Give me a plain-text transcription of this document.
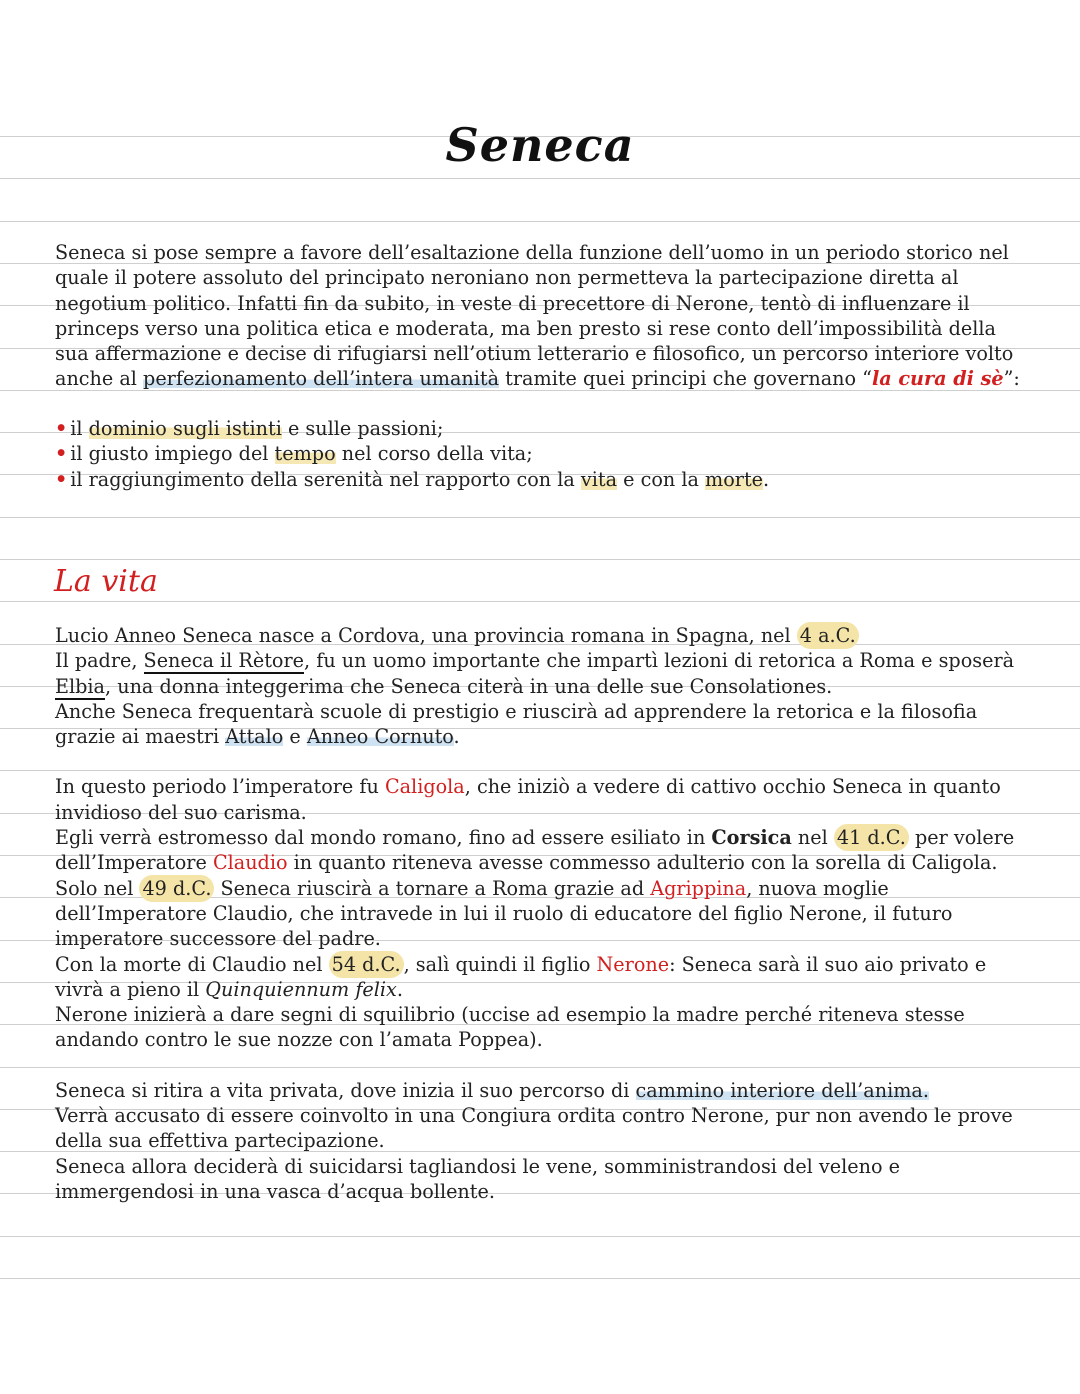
Seneca
Seneca si pose sempre a favore dell’esaltazione della funzione dell’uomo in un periodo storico nel quale il potere assoluto del principato neroniano non permetteva la partecipazione diretta al negotium politico. Infatti fin da subito, in veste di precettore di Nerone, tentò di influenzare il princeps verso una politica etica e moderata, ma ben presto si rese conto dell’impossibilità della sua affermazione e decise di rifugiarsi nell’otium letterario e filosofico, un percorso interiore volto anche al perfezionamento dell’intera umanità tramite quei principi che governano “la cura di sè”:
• il dominio sugli istinti e sulle passioni;
• il giusto impiego del tempo nel corso della vita;
• il raggiungimento della serenità nel rapporto con la vita e con la morte.
La vita
Lucio Anneo Seneca nasce a Cordova, una provincia romana in Spagna, nel 4 a.C.
Il padre, Seneca il Rètore, fu un uomo importante che impartì lezioni di retorica a Roma e sposerà Elbia, una donna integgerima che Seneca citerà in una delle sue Consolationes.
Anche Seneca frequentarà scuole di prestigio e riuscirà ad apprendere la retorica e la filosofia grazie ai maestri Attalo e Anneo Cornuto.
In questo periodo l’imperatore fu Caligola, che iniziò a vedere di cattivo occhio Seneca in quanto invidioso del suo carisma.
Egli verrà estromesso dal mondo romano, fino ad essere esiliato in Corsica nel 41 d.C. per volere dell’Imperatore Claudio in quanto riteneva avesse commesso adulterio con la sorella di Caligola.
Solo nel 49 d.C. Seneca riuscirà a tornare a Roma grazie ad Agrippina, nuova moglie dell’Imperatore Claudio, che intravede in lui il ruolo di educatore del figlio Nerone, il futuro imperatore successore del padre.
Con la morte di Claudio nel 54 d.C. , salì quindi il figlio Nerone: Seneca sarà il suo aio privato e vivrà a pieno il Quinquiennum felix.
Nerone inizierà a dare segni di squilibrio (uccise ad esempio la madre perché riteneva stesse andando contro le sue nozze con l’amata Poppea).
Seneca si ritira a vita privata, dove inizia il suo percorso di cammino interiore dell’anima.
Verrà accusato di essere coinvolto in una Congiura ordita contro Nerone, pur non avendo le prove della sua effettiva partecipazione.
Seneca allora deciderà di suicidarsi tagliandosi le vene, somministrandosi del veleno e immergendosi in una vasca d’acqua bollente.
